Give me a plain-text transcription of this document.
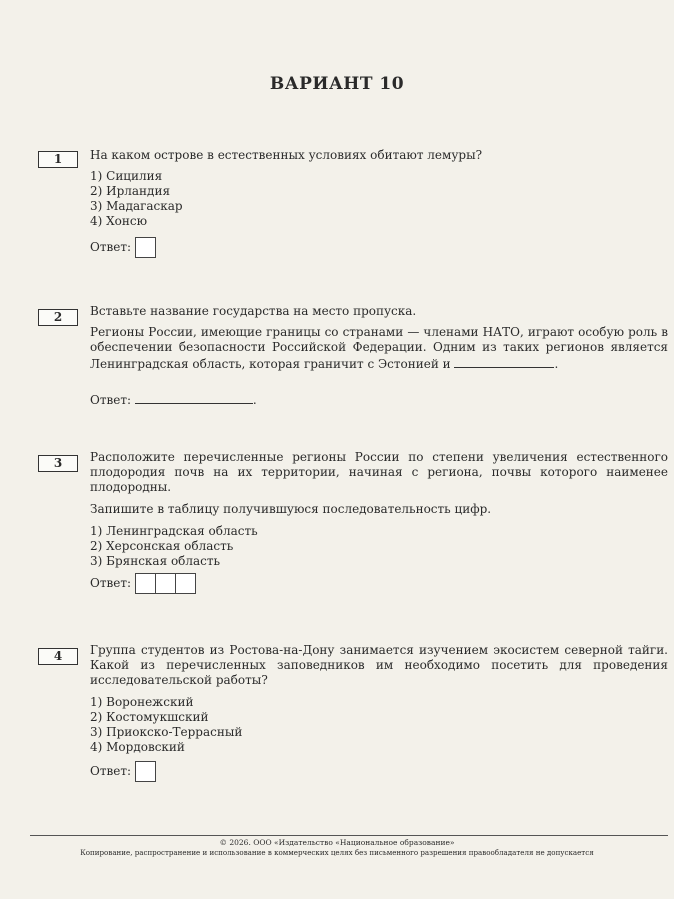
ВАРИАНТ 10
1	На каком острове в естественных условиях обитают лемуры?

1) Сицилия

2) Ирландия

3) Мадагаскар

4) Хонсю

Ответ:
2	Вставьте название государства на место пропуска.

Регионы России, имеющие границы со странами — членами НАТО, играют особую роль в обеспечении безопасности Российской Федерации. Одним из таких регионов является Ленинградская область, которая граничит с Эстонией и	.

Ответ:	.

3	Расположите перечисленные регионы России по степени увеличения естественного плодородия почв на их территории, начиная с региона, почвы которого наименее плодородны.

Запишите в таблицу получившуюся последовательность цифр.

1) Ленинградская область

2) Херсонская область

3) Брянская область

Ответ:
4	Группа студентов из Ростова-на-Дону занимается изучением экосистем северной тайги. Какой из перечисленных заповедников им необходимо посетить для проведения исследовательской работы?

1) Воронежский

2) Костомукшский

3) Приокско-Террасный

4) Мордовский

Ответ:
© 2026. ООО «Издательство «Национальное образование»
Копирование, распространение и использование в коммерческих целях без письменного разрешения правообладателя не допускается
